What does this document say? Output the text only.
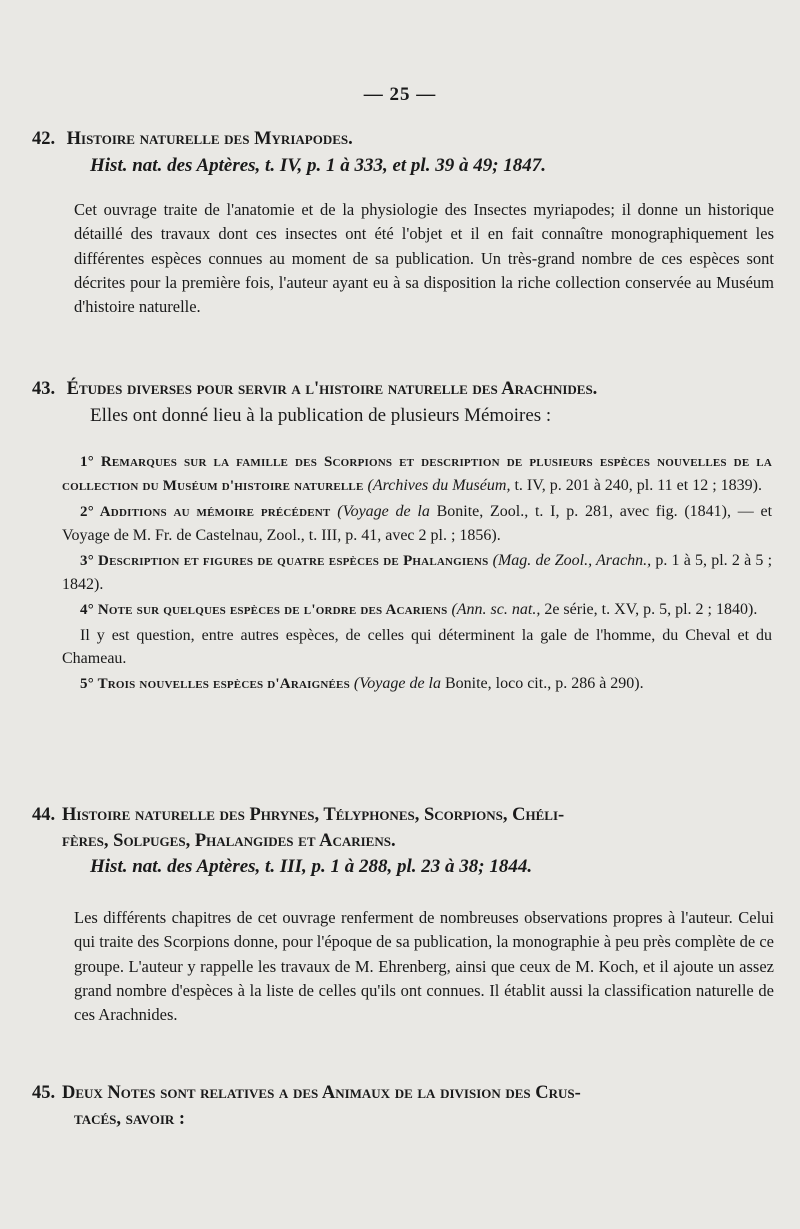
— 25 —
42. Histoire naturelle des Myriapodes.
Hist. nat. des Aptères, t. IV, p. 1 à 333, et pl. 39 à 49; 1847.

Cet ouvrage traite de l'anatomie et de la physiologie des Insectes myriapodes; il donne un historique détaillé des travaux dont ces insectes ont été l'objet et il en fait connaître monographiquement les différentes espèces connues au moment de sa publication. Un très-grand nombre de ces espèces sont décrites pour la première fois, l'auteur ayant eu à sa disposition la riche collection conservée au Muséum d'histoire naturelle.

43. Études diverses pour servir a l'histoire naturelle des Arachnides.
Elles ont donné lieu à la publication de plusieurs Mémoires :

1° Remarques sur la famille des Scorpions et description de plusieurs espèces nouvelles de la collection du Muséum d'histoire naturelle (Archives du Muséum, t. IV, p. 201 à 240, pl. 11 et 12 ; 1839).

2° Additions au mémoire précédent (Voyage de la Bonite, Zool., t. I, p. 281, avec fig. (1841), — et Voyage de M. Fr. de Castelnau, Zool., t. III, p. 41, avec 2 pl. ; 1856).

3° Description et figures de quatre espèces de Phalangiens (Mag. de Zool., Arachn., p. 1 à 5, pl. 2 à 5 ; 1842).

4° Note sur quelques espèces de l'ordre des Acariens (Ann. sc. nat., 2e série, t. XV, p. 5, pl. 2 ; 1840).

Il y est question, entre autres espèces, de celles qui déterminent la gale de l'homme, du Cheval et du Chameau.

5° Trois nouvelles espèces d'Araignées (Voyage de la Bonite, loco cit., p. 286 à 290).

44. Histoire naturelle des Phrynes, Télyphones, Scorpions, Chéli-
fères, Solpuges, Phalangides et Acariens.
Hist. nat. des Aptères, t. III, p. 1 à 288, pl. 23 à 38; 1844.

Les différents chapitres de cet ouvrage renferment de nombreuses observations propres à l'auteur. Celui qui traite des Scorpions donne, pour l'époque de sa publication, la monographie à peu près complète de ce groupe. L'auteur y rappelle les travaux de M. Ehrenberg, ainsi que ceux de M. Koch, et il ajoute un assez grand nombre d'espèces à la liste de celles qu'ils ont connues. Il établit aussi la classification naturelle de ces Arachnides.

45. Deux Notes sont relatives a des Animaux de la division des Crus-
tacés, savoir :
